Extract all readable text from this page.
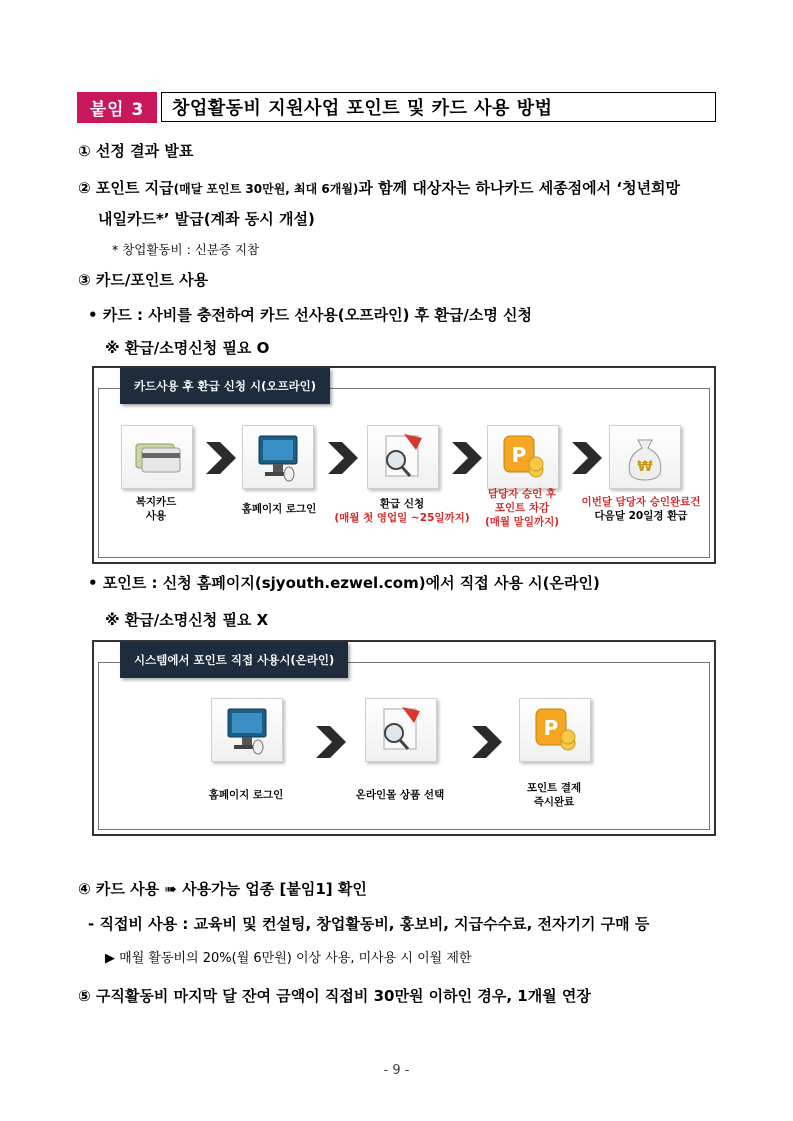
붙임 3	창업활동비 지원사업 포인트 및 카드 사용 방법
① 선정 결과 발표
② 포인트 지급(매달 포인트 30만원, 최대 6개월)과 함께 대상자는 하나카드 세종점에서 ‘청년희망
내일카드*’ 발급(계좌 동시 개설)
* 창업활동비 : 신분증 지참
③ 카드/포인트 사용
• 카드 : 사비를 충전하여 카드 선사용(오프라인) 후 환급/소명 신청
※ 환급/소명신청 필요 O
카드사용 후 환급 신청 시(오프라인)
P	₩
복지카드
사용
홈페이지 로그인	환급 신청
(매월 첫 영업일 ~25일까지)
담당자 승인 후
포인트 차감
(매월 말일까지)
이번달 담당자 승인완료건
다음달 20일경 환급
• 포인트 : 신청 홈페이지(sjyouth.ezwel.com)에서 직접 사용 시(온라인)
※ 환급/소명신청 필요 X
시스템에서 포인트 직접 사용시(온라인)
P
홈페이지 로그인	온라인몰 상품 선택
포인트 결제
즉시완료
④ 카드 사용 ➠ 사용가능 업종 [붙임1] 확인
- 직접비 사용 : 교육비 및 컨설팅, 창업활동비, 홍보비, 지급수수료, 전자기기 구매 등
▶ 매월 활동비의 20%(월 6만원) 이상 사용, 미사용 시 이월 제한
⑤ 구직활동비 마지막 달 잔여 금액이 직접비 30만원 이하인 경우, 1개월 연장
- 9 -
